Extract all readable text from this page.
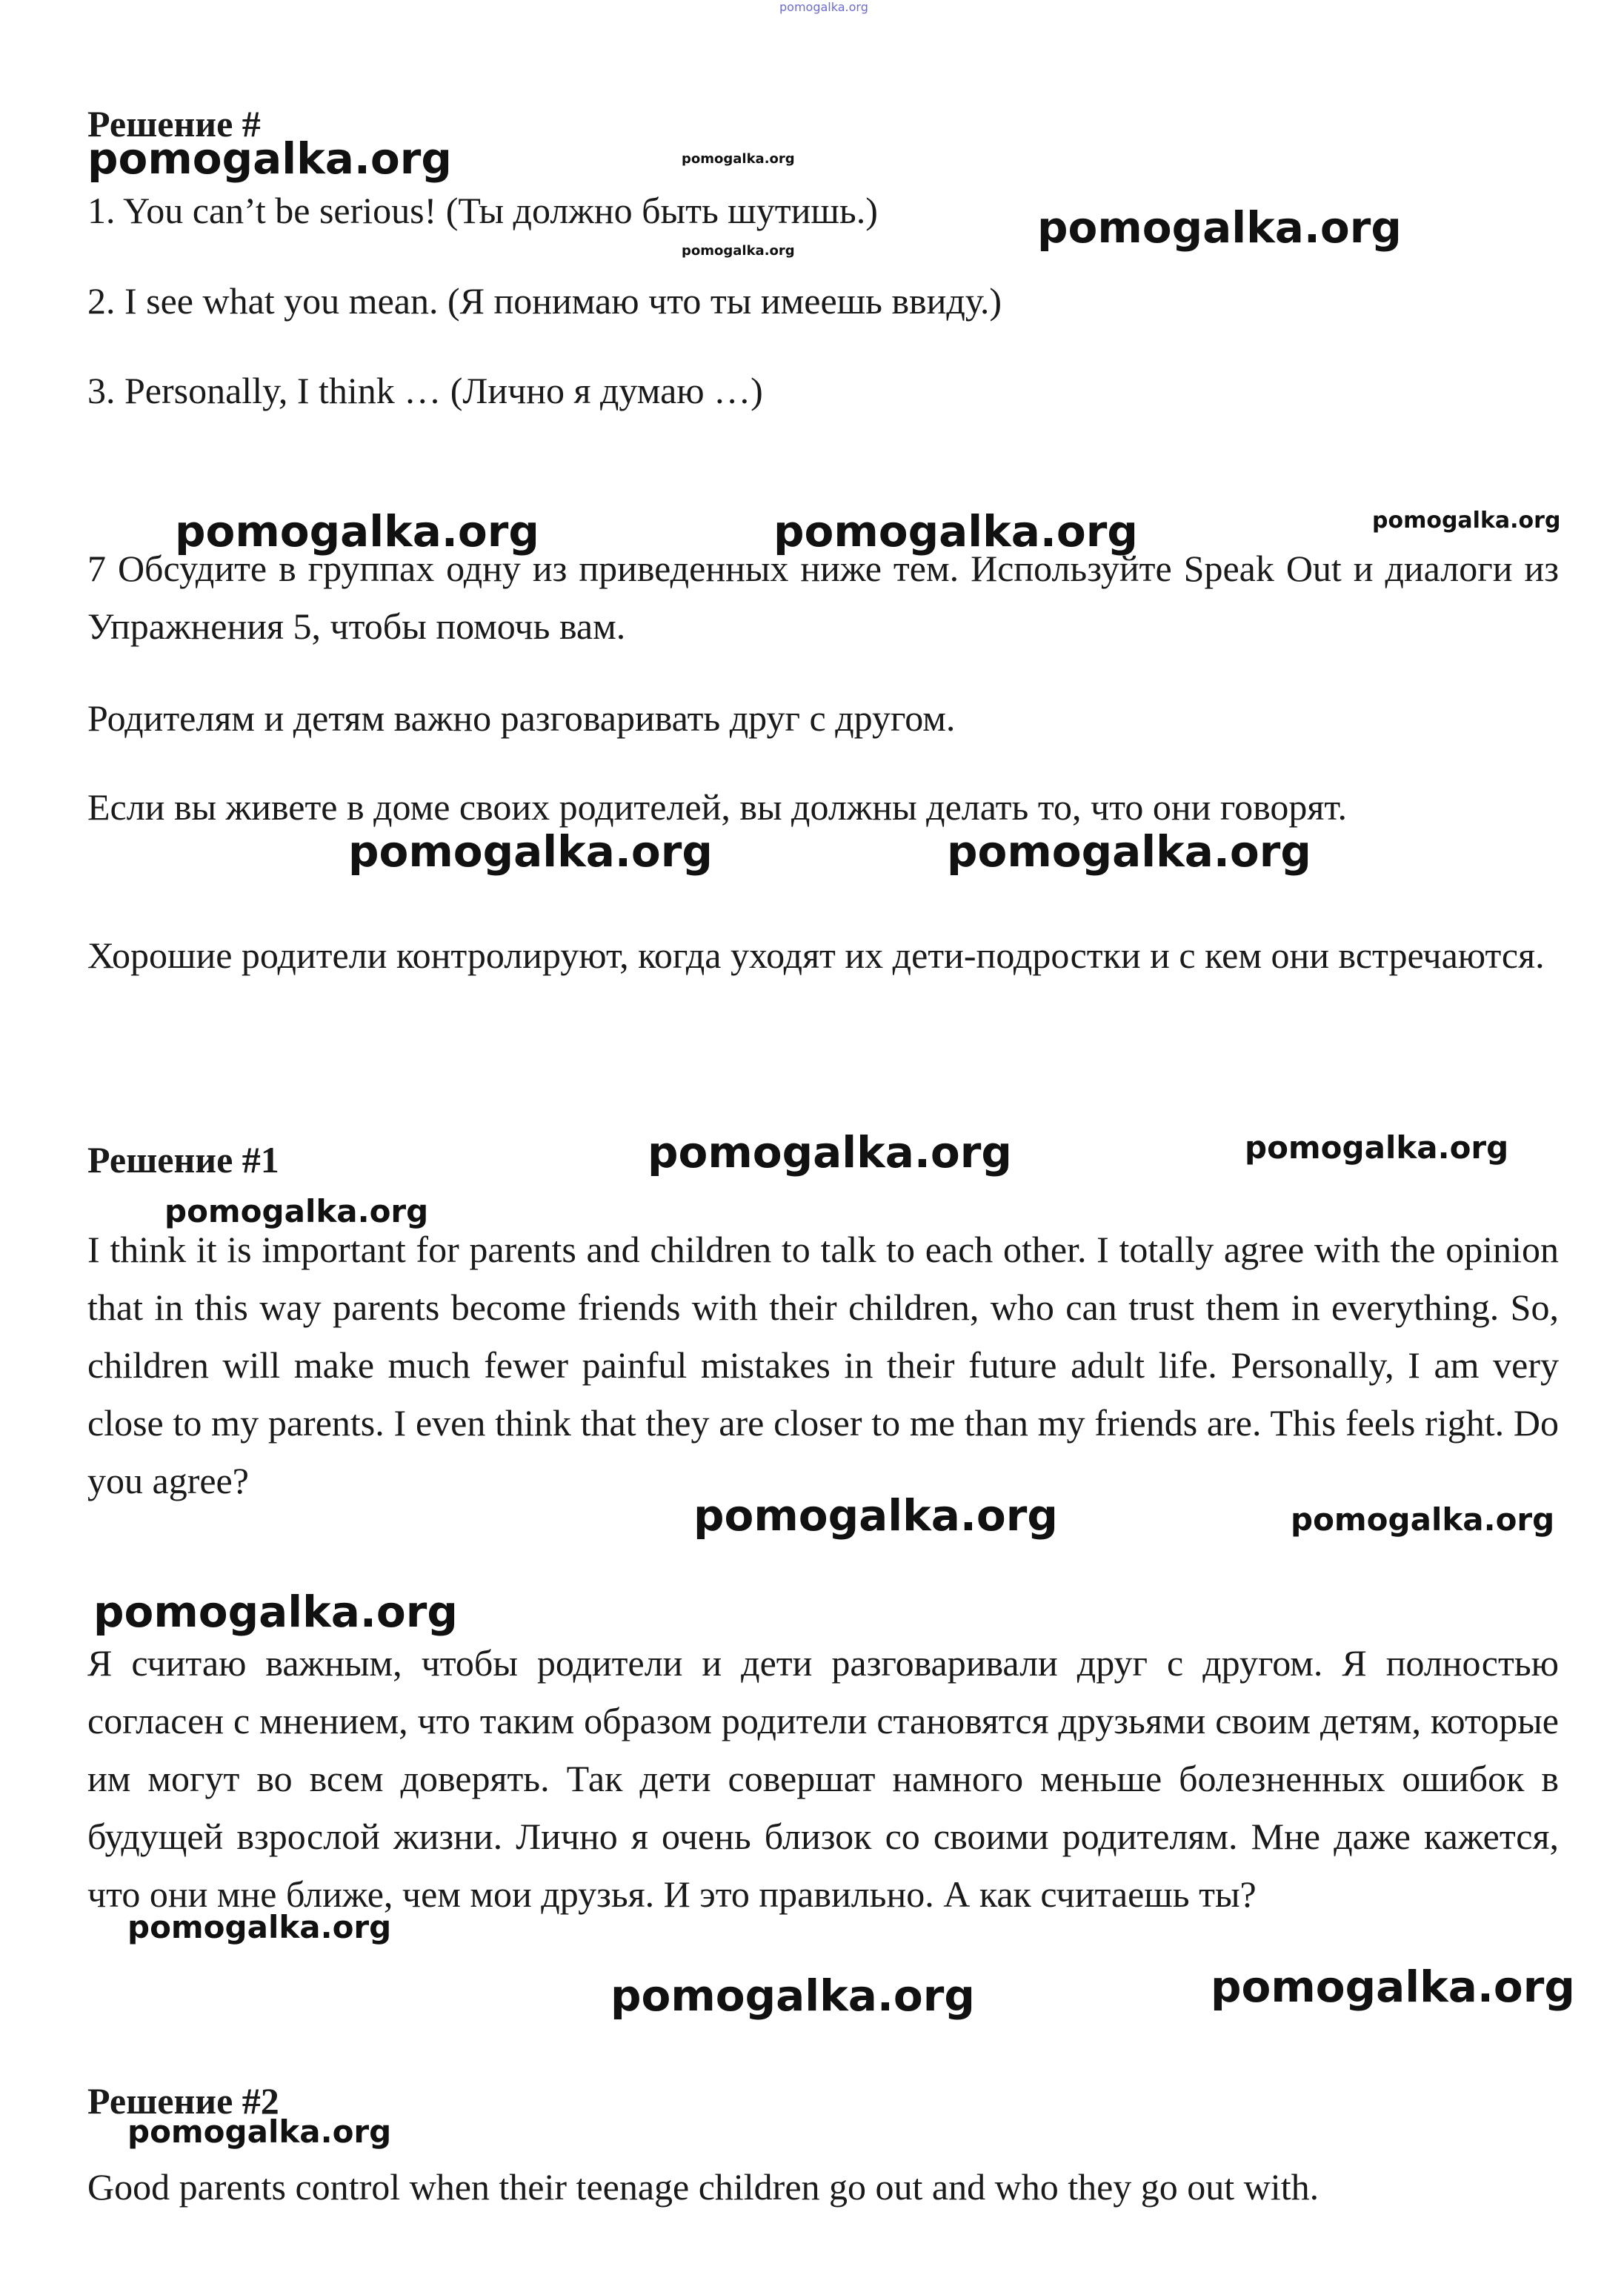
pomogalka.org
Решение #
1. You can’t be serious! (Ты должно быть шутишь.)
2. I see what you mean. (Я понимаю что ты имеешь ввиду.)
3. Personally, I think … (Лично я думаю …)
7 Обсудите в группах одну из приведенных ниже тем. Используйте Speak Out и диалоги из Упражнения 5, чтобы помочь вам.
Родителям и детям важно разговаривать друг с другом.
Если вы живете в доме своих родителей, вы должны делать то, что они говорят.
Хорошие родители контролируют, когда уходят их дети-подростки и с кем они встречаются.
Решение #1
I think it is important for parents and children to talk to each other. I totally agree with the opinion that in this way parents become friends with their children, who can trust them in everything. So, children will make much fewer painful mistakes in their future adult life. Personally, I am very close to my parents. I even think that they are closer to me than my friends are. This feels right. Do you agree?
Я считаю важным, чтобы родители и дети разговаривали друг с другом. Я полностью согласен с мнением, что таким образом родители становятся друзьями своим детям, которые им могут во всем доверять. Так дети совершат намного меньше болезненных ошибок в будущей взрослой жизни. Лично я очень близок со своими родителям. Мне даже кажется, что они мне ближе, чем мои друзья. И это правильно. А как считаешь ты?
Решение #2
Good parents control when their teenage children go out and who they go out with.
pomogalka.org	pomogalka.org
pomogalka.org	pomogalka.org
pomogalka.org	pomogalka.org	pomogalka.org
pomogalka.org	pomogalka.org
pomogalka.org	pomogalka.org
pomogalka.org
pomogalka.org	pomogalka.org
pomogalka.org
pomogalka.org
pomogalka.org	pomogalka.org
pomogalka.org
